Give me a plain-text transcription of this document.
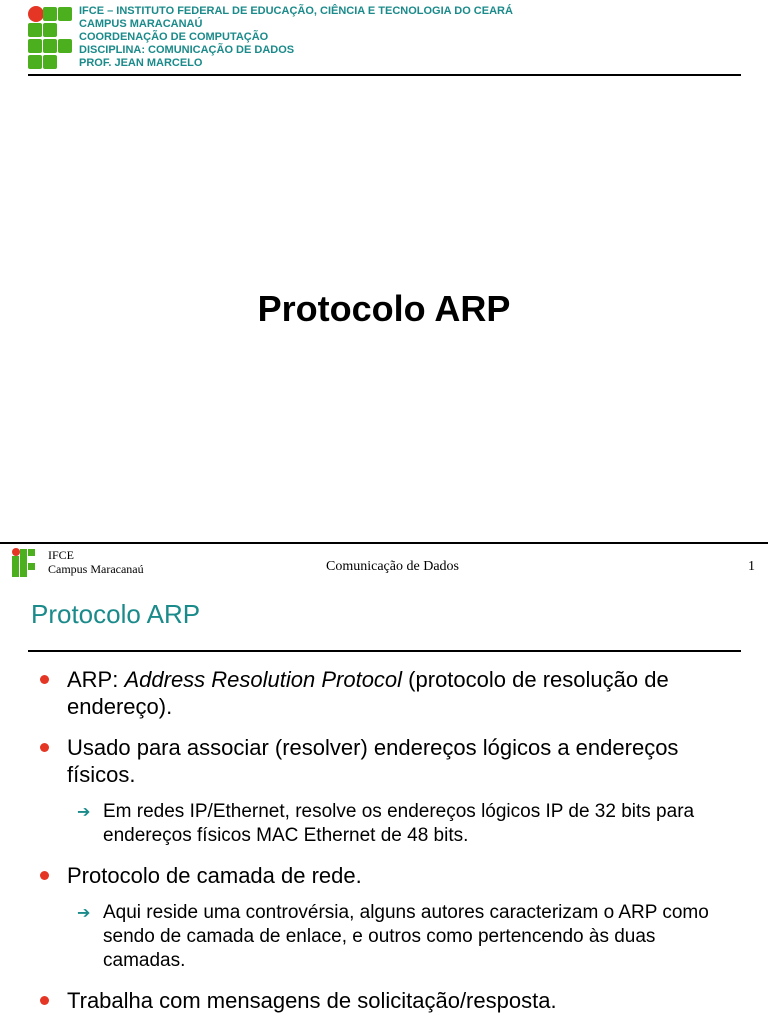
IFCE – INSTITUTO FEDERAL DE EDUCAÇÃO, CIÊNCIA E TECNOLOGIA DO CEARÁ
CAMPUS MARACANAÚ
COORDENAÇÃO DE COMPUTAÇÃO
DISCIPLINA: COMUNICAÇÃO DE DADOS
PROF. JEAN MARCELO
Protocolo ARP
IFCE
Campus Maracanaú	Comunicação de Dados	1
Protocolo ARP
ARP: Address Resolution Protocol (protocolo de resolução de endereço).
Usado para associar (resolver) endereços lógicos a endereços físicos.
➔ Em redes IP/Ethernet, resolve os endereços lógicos IP de 32 bits para endereços físicos MAC Ethernet de 48 bits.
Protocolo de camada de rede.
➔ Aqui reside uma controvérsia, alguns autores caracterizam o ARP como sendo de camada de enlace, e outros como pertencendo às duas camadas.
Trabalha com mensagens de solicitação/resposta.
